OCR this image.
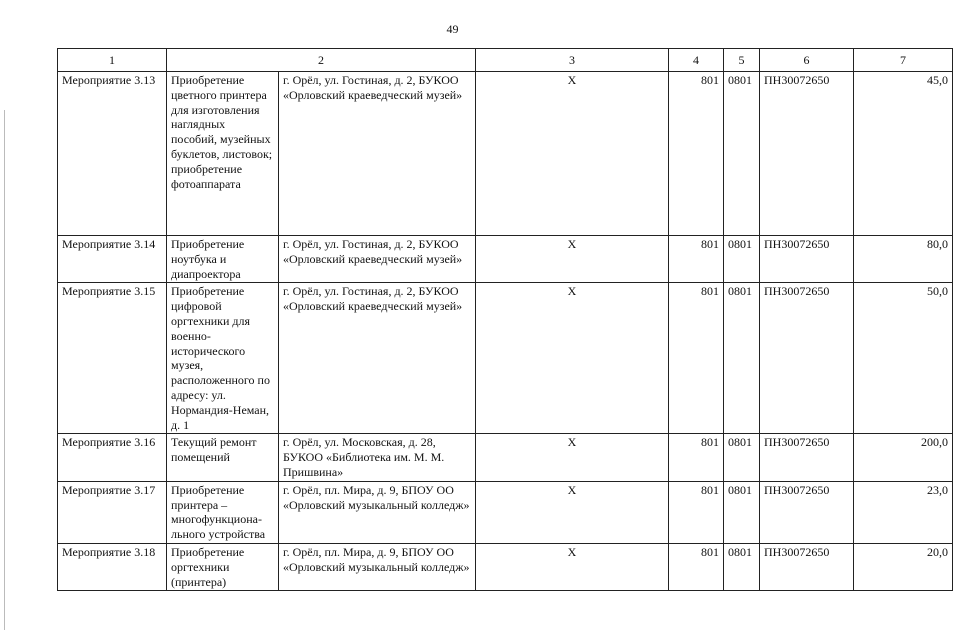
49
1	2		3	4	5	6	7
Мероприятие 3.13	Приобретение цветного принтера для изготовления наглядных пособий, музейных буклетов, листовок; приобретение фотоаппарата	г. Орёл, ул. Гостиная, д. 2, БУКОО «Орловский краеведческий музей»	Х	801	0801	ПН30072650	45,0
Мероприятие 3.14	Приобретение ноутбука и диапроектора	г. Орёл, ул. Гостиная, д. 2, БУКОО «Орловский краеведческий музей»	Х	801	0801	ПН30072650	80,0
Мероприятие 3.15	Приобретение цифровой оргтехники для военно-исторического музея, расположенного по адресу: ул. Нормандия-Неман, д. 1	г. Орёл, ул. Гостиная, д. 2, БУКОО «Орловский краеведческий музей»	Х	801	0801	ПН30072650	50,0
Мероприятие 3.16	Текущий ремонт помещений	г. Орёл, ул. Московская, д. 28, БУКОО «Библиотека им. М. М. Пришвина»	Х	801	0801	ПН30072650	200,0
Мероприятие 3.17	Приобретение принтера – многофункциона-льного устройства	г. Орёл, пл. Мира, д. 9, БПОУ ОО «Орловский музыкальный колледж»	Х	801	0801	ПН30072650	23,0
Мероприятие 3.18	Приобретение оргтехники (принтера)	г. Орёл, пл. Мира, д. 9, БПОУ ОО «Орловский музыкальный колледж»	Х	801	0801	ПН30072650	20,0
